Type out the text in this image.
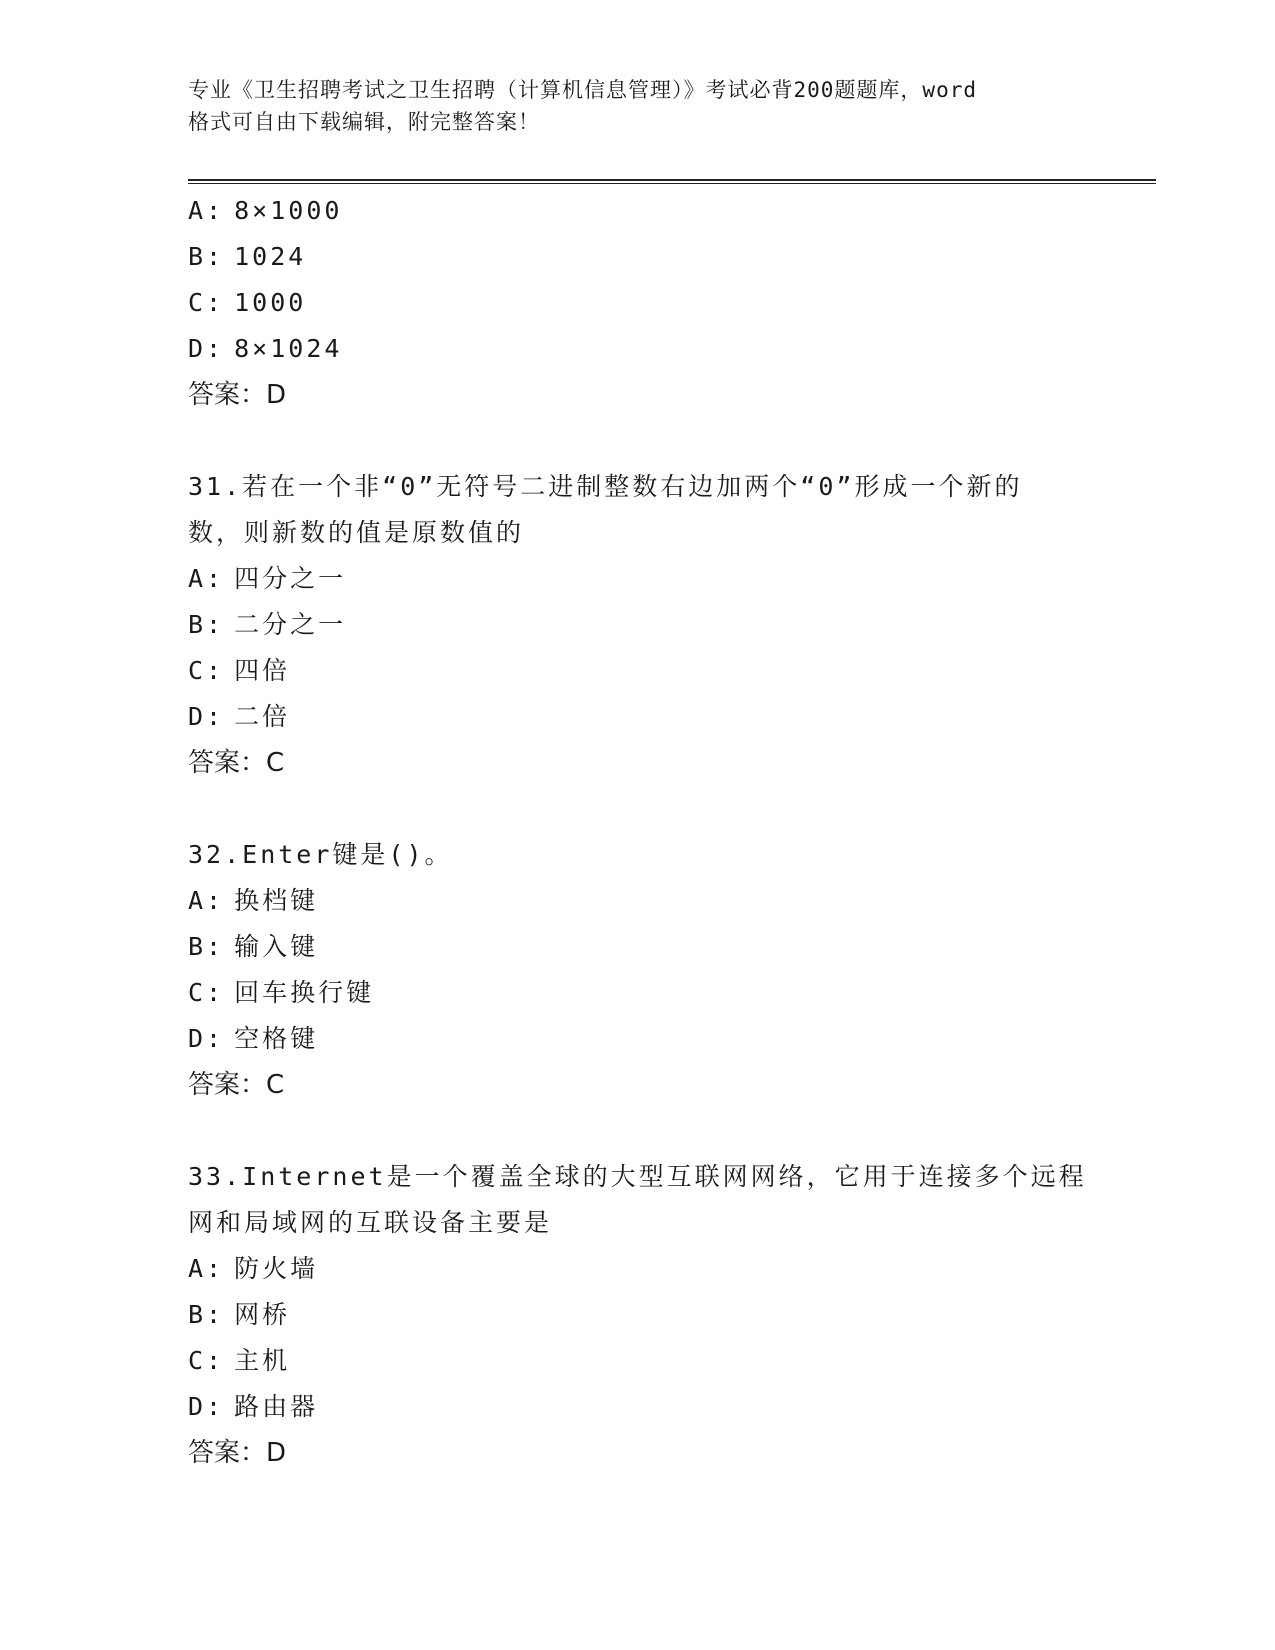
专业《卫生招聘考试之卫生招聘（计算机信息管理）》考试必背200题题库，word
格式可自由下载编辑，附完整答案！
A: 8×1000
B: 1024
C: 1000
D: 8×1024
答案：D
31.若在一个非“0”无符号二进制整数右边加两个“0”形成一个新的
数，则新数的值是原数值的
A: 四分之一
B: 二分之一
C: 四倍
D: 二倍
答案：C
32.Enter键是()。
A: 换档键
B: 输入键
C: 回车换行键
D: 空格键
答案：C
33.Internet是一个覆盖全球的大型互联网网络，它用于连接多个远程
网和局域网的互联设备主要是
A: 防火墙
B: 网桥
C: 主机
D: 路由器
答案：D
